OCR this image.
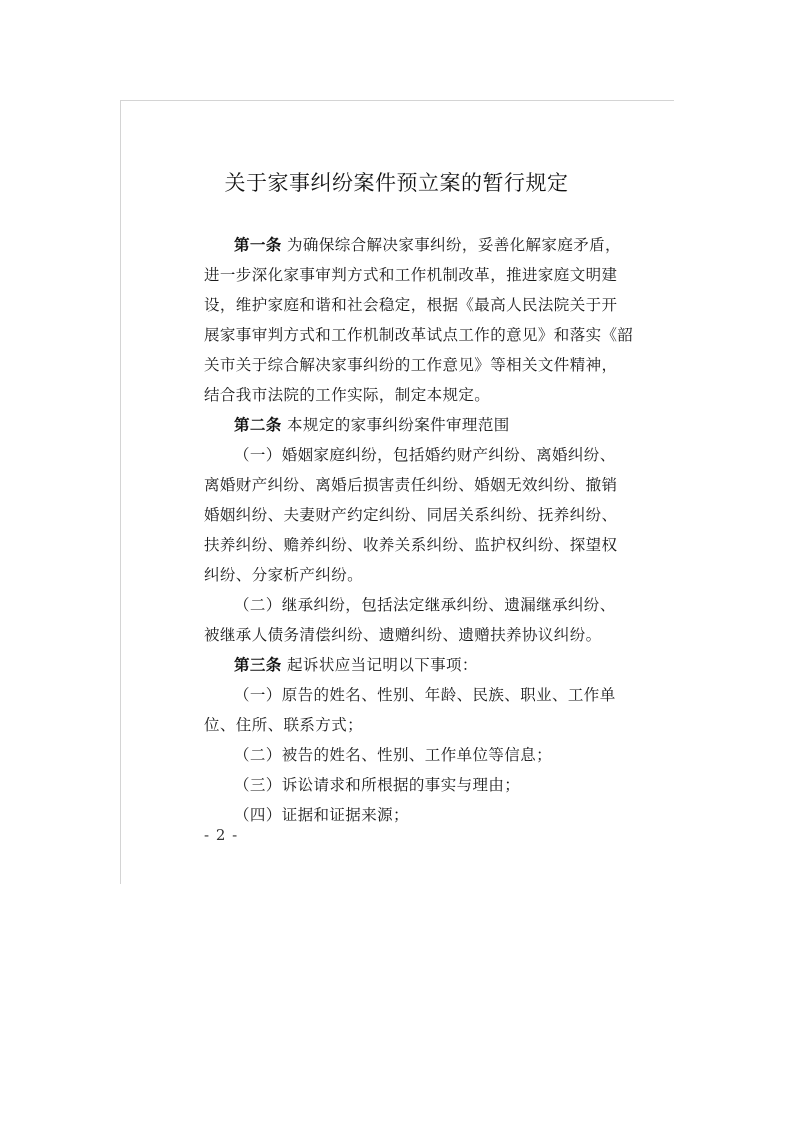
关于家事纠纷案件预立案的暂行规定
第一条 为确保综合解决家事纠纷，妥善化解家庭矛盾，
进一步深化家事审判方式和工作机制改革，推进家庭文明建
设，维护家庭和谐和社会稳定，根据《最高人民法院关于开
展家事审判方式和工作机制改革试点工作的意见》和落实《韶
关市关于综合解决家事纠纷的工作意见》等相关文件精神，
结合我市法院的工作实际，制定本规定。
第二条 本规定的家事纠纷案件审理范围
（一）婚姻家庭纠纷，包括婚约财产纠纷、离婚纠纷、
离婚财产纠纷、离婚后损害责任纠纷、婚姻无效纠纷、撤销
婚姻纠纷、夫妻财产约定纠纷、同居关系纠纷、抚养纠纷、
扶养纠纷、赡养纠纷、收养关系纠纷、监护权纠纷、探望权
纠纷、分家析产纠纷。
（二）继承纠纷，包括法定继承纠纷、遗漏继承纠纷、
被继承人债务清偿纠纷、遗赠纠纷、遗赠扶养协议纠纷。
第三条 起诉状应当记明以下事项：
（一）原告的姓名、性别、年龄、民族、职业、工作单
位、住所、联系方式；
（二）被告的姓名、性别、工作单位等信息；
（三）诉讼请求和所根据的事实与理由；
（四）证据和证据来源；
- 2 -
